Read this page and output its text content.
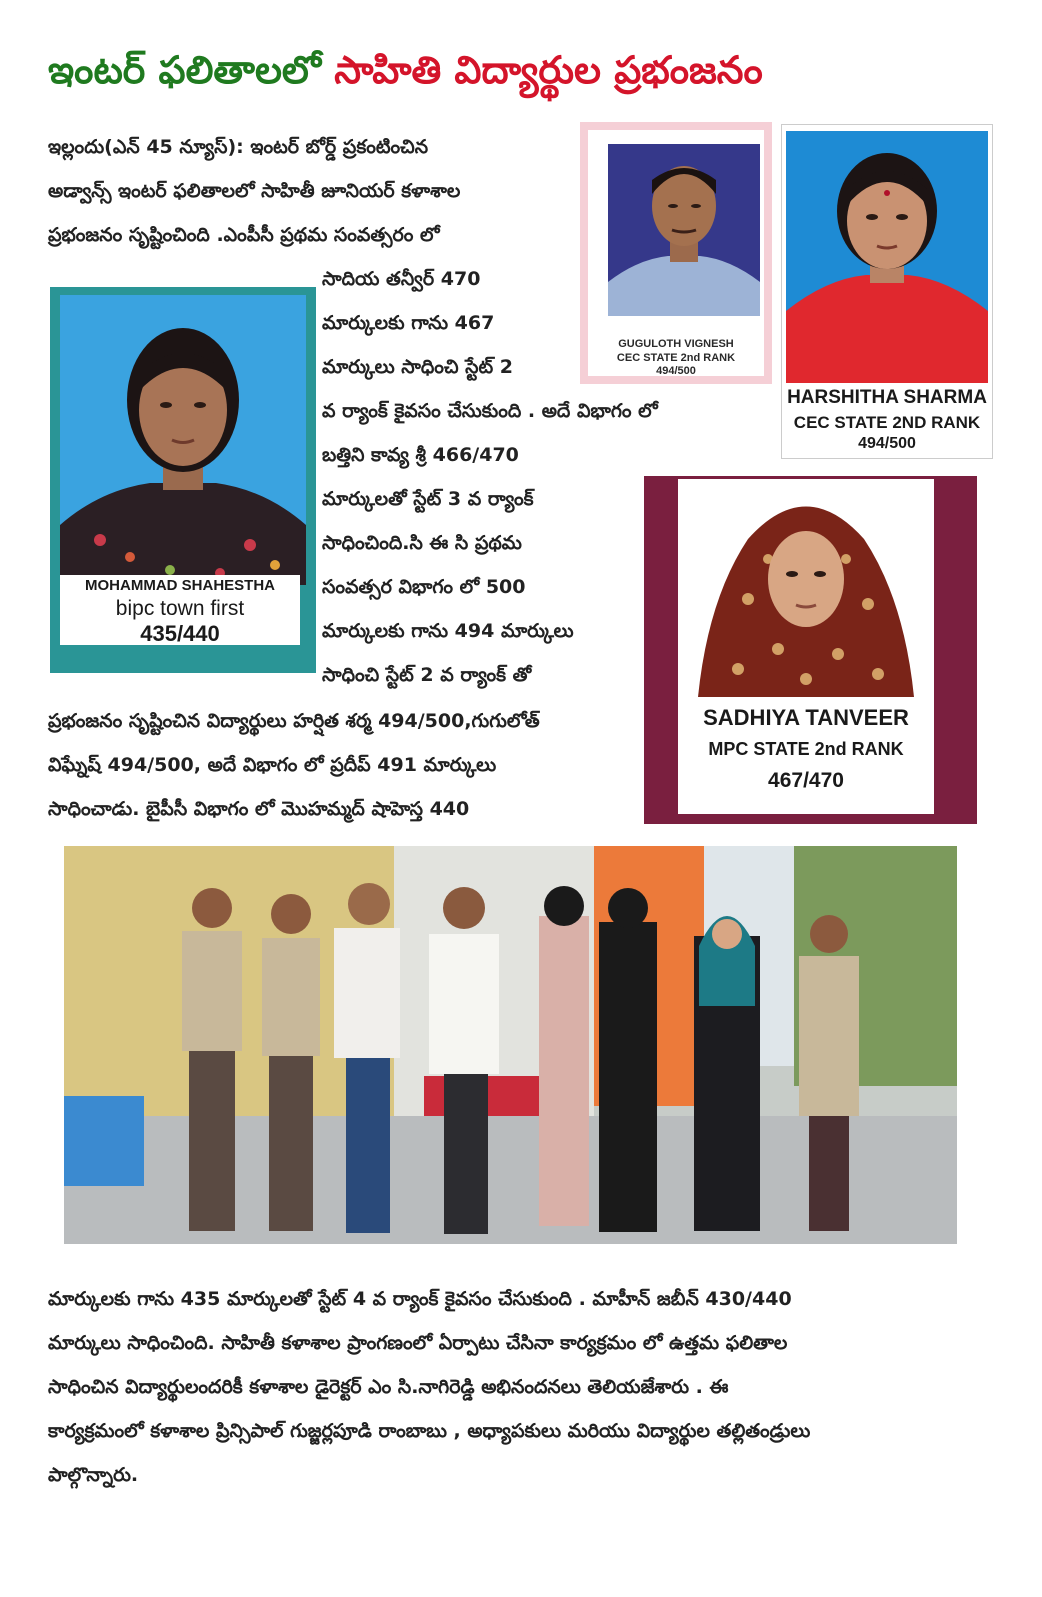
ఇంటర్ ఫలితాలలో సాహితి విద్యార్థుల ప్రభంజనం
ఇల్లందు(ఎన్ 45 న్యూస్): ఇంటర్ బోర్డ్ ప్రకంటించిన
అడ్వాన్స్ ఇంటర్ ఫలితాలలో సాహితీ జూనియర్ కళాశాల
ప్రభంజనం సృష్టించింది .ఎంపీసీ ప్రథమ సంవత్సరం లో
సాదియ తన్వీర్ 470
మార్కులకు గాను 467
మార్కులు సాధించి స్టేట్ 2
వ ర్యాంక్ కైవసం చేసుకుంది . అదే విభాగం లో
బత్తిని కావ్య శ్రీ 466/470
మార్కులతో స్టేట్ 3 వ ర్యాంక్
సాధించింది.సి ఈ సి ప్రథమ
సంవత్సర విభాగం లో 500
మార్కులకు గాను 494 మార్కులు
సాధించి స్టేట్ 2 వ ర్యాంక్ తో
ప్రభంజనం సృష్టించిన విద్యార్థులు హర్షిత శర్మ 494/500,గుగులోత్
విఘ్నేష్ 494/500, అదే విభాగం లో ప్రదీప్ 491 మార్కులు
సాధించాడు. బైపీసీ విభాగం లో మొహమ్మద్ షాహెస్త 440
MOHAMMAD SHAHESTHA
bipc town first
435/440
GUGULOTH VIGNESH
CEC STATE 2nd RANK
494/500
HARSHITHA SHARMA
CEC STATE 2ND RANK
494/500
SADHIYA TANVEER
MPC STATE 2nd RANK
467/470
మార్కులకు గాను 435 మార్కులతో స్టేట్ 4 వ ర్యాంక్ కైవసం చేసుకుంది . మాహీన్ జబీన్ 430/440
మార్కులు సాధించింది. సాహితీ కళాశాల ప్రాంగణంలో ఏర్పాటు చేసినా కార్యక్రమం లో ఉత్తమ ఫలితాల
సాధించిన విద్యార్థులందరికీ కళాశాల డైరెక్టర్ ఎం సి.నాగిరెడ్డి అభినందనలు తెలియజేశారు . ఈ
కార్యక్రమంలో కళాశాల ప్రిన్సిపాల్ గుజ్జర్లపూడి రాంబాబు , అధ్యాపకులు మరియు విద్యార్థుల తల్లితండ్రులు
పాల్గొన్నారు.
